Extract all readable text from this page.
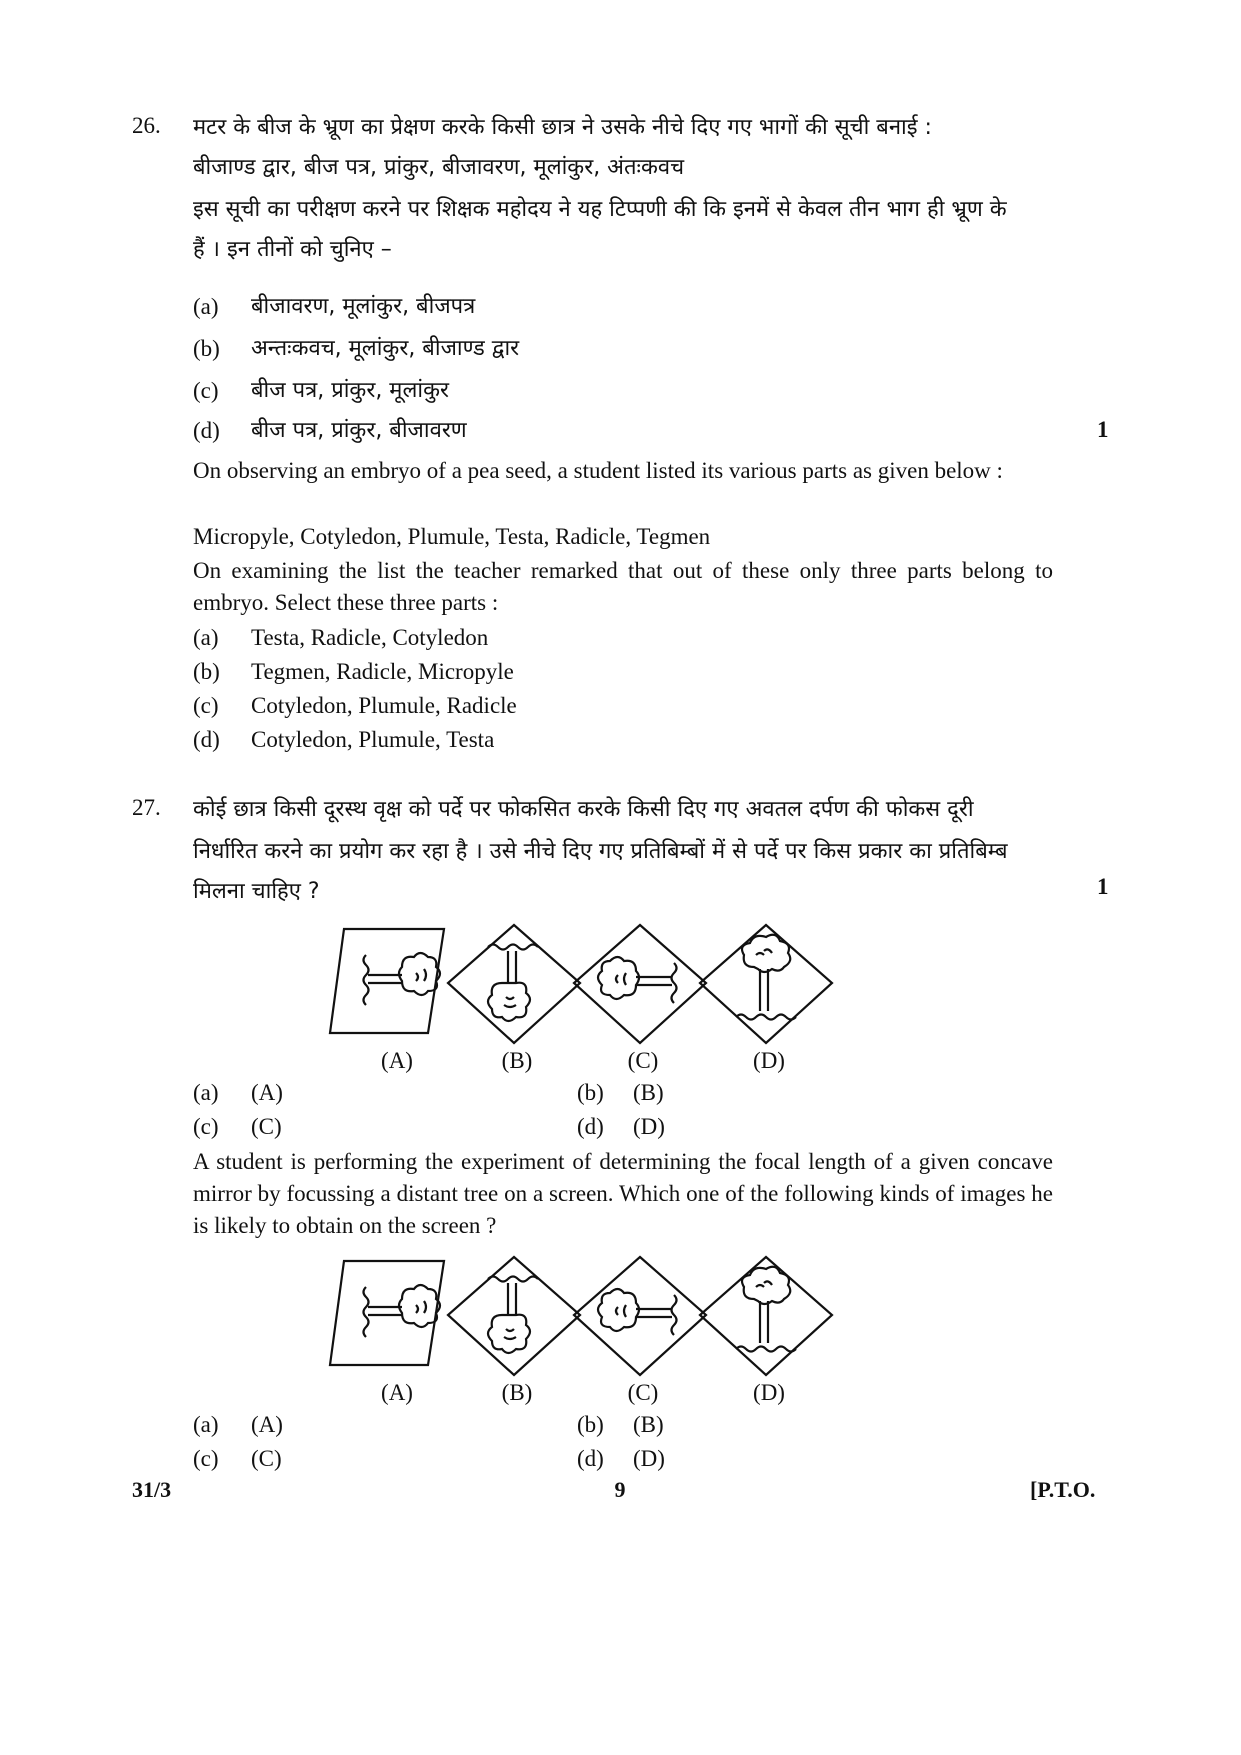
26. मटर के बीज के भ्रूण का प्रेक्षण करके किसी छात्र ने उसके नीचे दिए गए भागों की सूची बनाई :
बीजाण्ड द्वार, बीज पत्र, प्रांकुर, बीजावरण, मूलांकुर, अंतःकवच
इस सूची का परीक्षण करने पर शिक्षक महोदय ने यह टिप्पणी की कि इनमें से केवल तीन भाग ही भ्रूण के
हैं । इन तीनों को चुनिए –
(a) बीजावरण, मूलांकुर, बीजपत्र
(b) अन्तःकवच, मूलांकुर, बीजाण्ड द्वार
(c) बीज पत्र, प्रांकुर, मूलांकुर
(d) बीज पत्र, प्रांकुर, बीजावरण	1
On observing an embryo of a pea seed, a student listed its various parts as given below :
Micropyle, Cotyledon, Plumule, Testa, Radicle, Tegmen
On examining the list the teacher remarked that out of these only three parts belong to embryo. Select these three parts :
(a) Testa, Radicle, Cotyledon
(b) Tegmen, Radicle, Micropyle
(c) Cotyledon, Plumule, Radicle
(d) Cotyledon, Plumule, Testa
27. कोई छात्र किसी दूरस्थ वृक्ष को पर्दे पर फोकसित करके किसी दिए गए अवतल दर्पण की फोकस दूरी
निर्धारित करने का प्रयोग कर रहा है । उसे नीचे दिए गए प्रतिबिम्बों में से पर्दे पर किस प्रकार का प्रतिबिम्ब
मिलना चाहिए ?	1
(A)	(B)	(C)	(D)
(a) (A)	(b) (B)
(c) (C)	(d) (D)
A student is performing the experiment of determining the focal length of a given concave mirror by focussing a distant tree on a screen. Which one of the following kinds of images he is likely to obtain on the screen ?
(A)	(B)	(C)	(D)
(a) (A)	(b) (B)
(c) (C)	(d) (D)
31/3	9	[P.T.O.
